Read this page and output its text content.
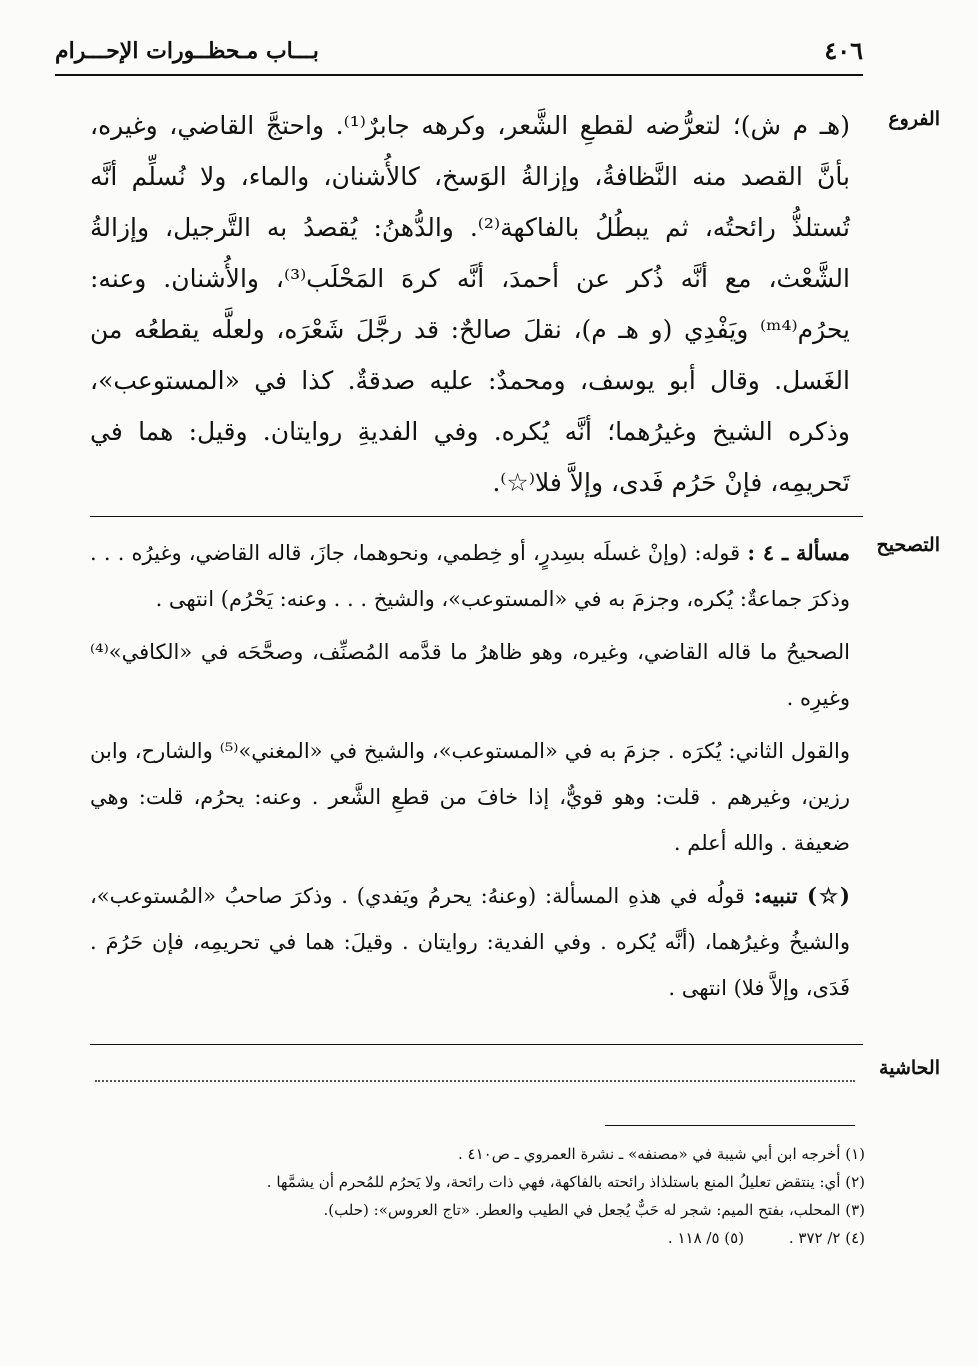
٤٠٦
بـــاب مـحظــورات الإحـــرام
الفروع

(هـ م ش)؛ لتعرُّضه لقطعِ الشَّعر، وكرهه جابرٌ⁽¹⁾. واحتجَّ القاضي، وغيره، بأنَّ القصد منه النَّظافةُ، وإزالةُ الوَسخ، كالأُشنان، والماء، ولا نُسلِّم أنَّه تُستلذُّ رائحتُه، ثم يبطُلُ بالفاكهة⁽²⁾. والدُّهنُ: يُقصدُ به التَّرجيل، وإزالةُ الشَّعْث، مع أنَّه ذُكر عن أحمدَ، أنَّه كرهَ المَحْلَب⁽³⁾، والأُشنان. وعنه: يحرُم⁽ᵐ⁴⁾ ويَفْدِي (و هـ م)، نقلَ صالحٌ: قد رجَّلَ شَعْرَه، ولعلَّه يقطعُه من الغَسل. وقال أبو يوسف، ومحمدٌ: عليه صدقةٌ. كذا في «المستوعب»، وذكره الشيخ وغيرُهما؛ أنَّه يُكره. وفي الفديةِ روايتان. وقيل: هما في تَحريمِه، فإنْ حَرُم فَدى، وإلاَّ فلا⁽☆⁾.

التصحيح

مسألة ـ ٤ : قوله: (وإنْ غسلَه بسِدرٍ، أو خِطمي، ونحوهما، جازَ، قاله القاضي، وغيرُه . . . وذكرَ جماعةٌ: يُكره، وجزمَ به في «المستوعب»، والشيخ . . . وعنه: يَحْرُم) انتهى .

الصحيحُ ما قاله القاضي، وغيره، وهو ظاهرُ ما قدَّمه المُصنِّف، وصحَّحَه في «الكافي»⁽⁴⁾ وغيرِه .

والقول الثاني: يُكرَه . جزمَ به في «المستوعب»، والشيخ في «المغني»⁽⁵⁾ والشارح، وابن رزين، وغيرهم . قلت: وهو قويٌّ، إذا خافَ من قطعِ الشَّعر . وعنه: يحرُم، قلت: وهي ضعيفة . والله أعلم .

(☆) تنبيه: قولُه في هذهِ المسألة: (وعنهُ: يحرمُ ويَفدي) . وذكرَ صاحبُ «المُستوعب»، والشيخُ وغيرُهما، (أنَّه يُكره . وفي الفدية: روايتان . وقيلَ: هما في تحريمِه، فإن حَرُمَ . فَدَى، وإلاَّ فلا) انتهى .

الحاشية
(١) أخرجه ابن أبي شيبة في «مصنفه» ـ نشرة العمروي ـ ص٤١٠ .
(٢) أي: ينتقض تعليلُ المنع باستلذاذ رائحته بالفاكهة، فهي ذات رائحة، ولا يَحرُم للمُحرم أن يشمَّها .
(٣) المحلب، بفتح الميم: شجر له حَبٌّ يُجعل في الطيب والعطر. «تاج العروس»: (حلب).
(٤) ٢/ ٣٧٢ . (٥) ٥/ ١١٨ .
